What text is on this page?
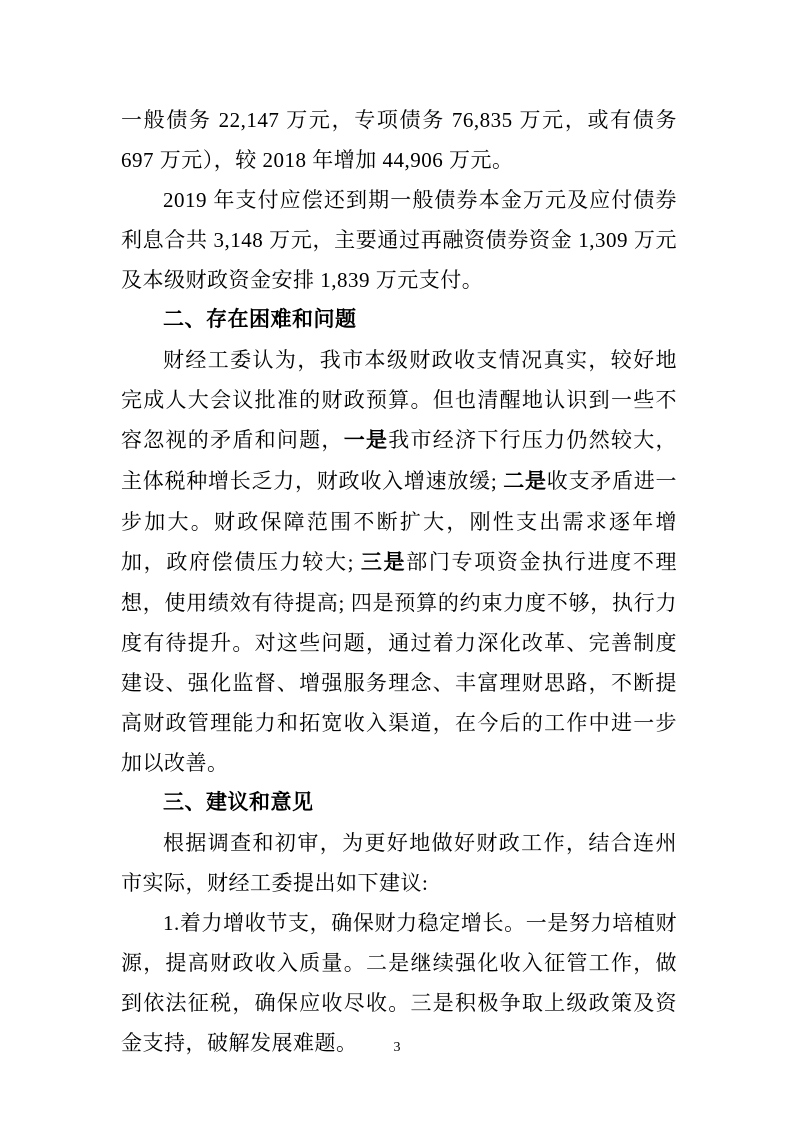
一般债务 22,147 万元，专项债务 76,835 万元，或有债务 697 万元），较 2018 年增加 44,906 万元。

2019 年支付应偿还到期一般债券本金万元及应付债券利息合共 3,148 万元，主要通过再融资债券资金 1,309 万元及本级财政资金安排 1,839 万元支付。

二、存在困难和问题

财经工委认为，我市本级财政收支情况真实，较好地完成人大会议批准的财政预算。但也清醒地认识到一些不容忽视的矛盾和问题，一是我市经济下行压力仍然较大，主体税种增长乏力，财政收入增速放缓; 二是收支矛盾进一步加大。财政保障范围不断扩大，刚性支出需求逐年增加，政府偿债压力较大; 三是部门专项资金执行进度不理想，使用绩效有待提高; 四是预算的约束力度不够，执行力度有待提升。对这些问题，通过着力深化改革、完善制度建设、强化监督、增强服务理念、丰富理财思路，不断提高财政管理能力和拓宽收入渠道，在今后的工作中进一步加以改善。

三、建议和意见

根据调查和初审，为更好地做好财政工作，结合连州市实际，财经工委提出如下建议:

1.着力增收节支，确保财力稳定增长。一是努力培植财源，提高财政收入质量。二是继续强化收入征管工作，做到依法征税，确保应收尽收。三是积极争取上级政策及资金支持，破解发展难题。	3
